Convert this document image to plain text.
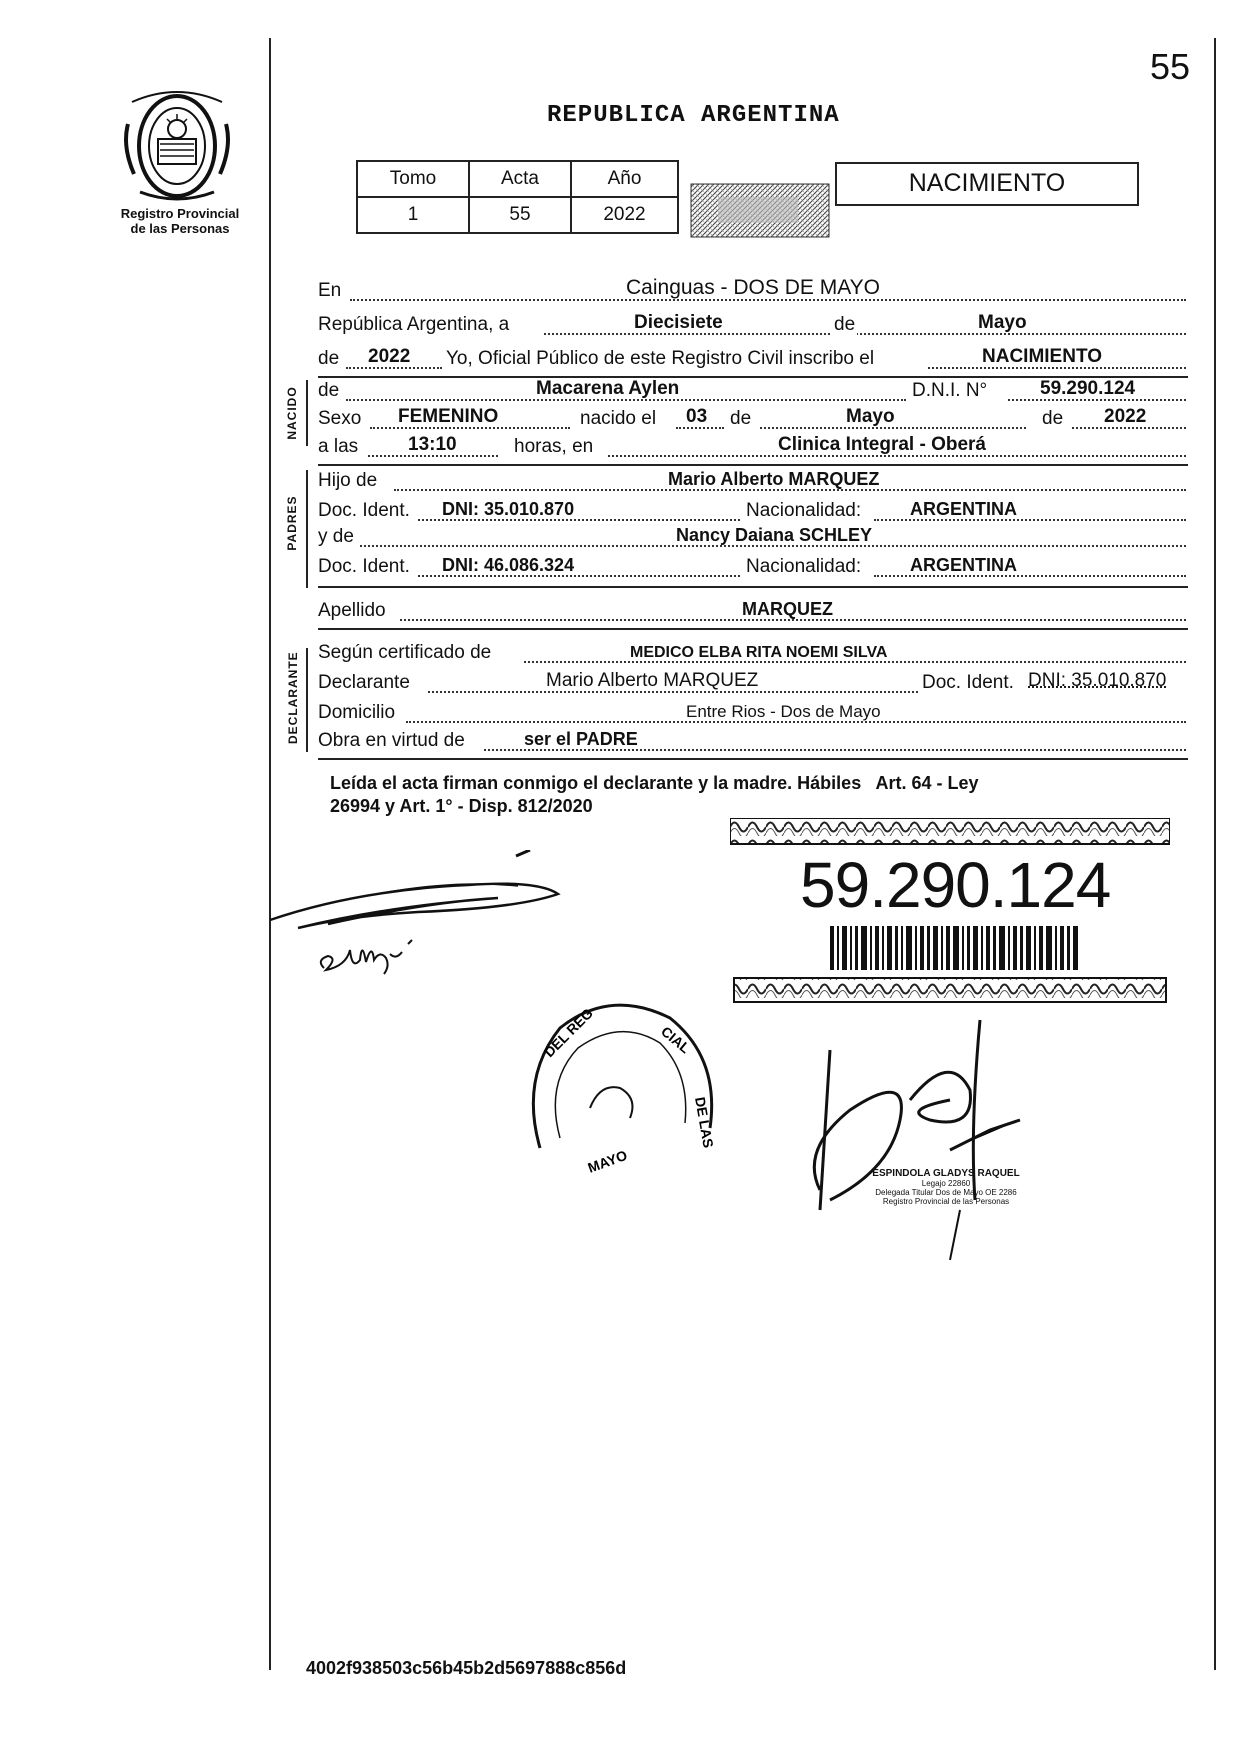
55
Registro Provincial
de las Personas
REPUBLICA ARGENTINA
Tomo	Acta	Año
1	55	2022
NACIMIENTO
En	Cainguas - DOS DE MAYO
República Argentina, a	Diecisiete	de	Mayo
de 2022 Yo, Oficial Público de este Registro Civil inscribo el	NACIMIENTO
NACIDO de	Macarena Aylen	D.N.I. N°	59.290.124
Sexo FEMENINO	nacido el 03 de	Mayo	de 2022
a las	13:10	horas, en	Clinica Integral - Oberá
PADRES
Hijo de	Mario Alberto MARQUEZ
Doc. Ident. DNI: 35.010.870	Nacionalidad:	ARGENTINA
y de	Nancy Daiana SCHLEY
Doc. Ident. DNI: 46.086.324	Nacionalidad:	ARGENTINA
Apellido	MARQUEZ
DECLARANTE Según certificado de	MEDICO ELBA RITA NOEMI SILVA
Declarante	Mario Alberto MARQUEZ	Doc. Ident. DNI: 35.010.870
Domicilio	Entre Rios - Dos de Mayo
Obra en virtud de	ser el PADRE
Leída el acta firman conmigo el declarante y la madre. Hábiles   Art. 64 - Ley
26994 y Art. 1° - Disp. 812/2020
59.290.124
DEL REG	CIAL
DE LAS
MAYO	ESPINDOLA GLADYS RAQUEL
Legajo 22860
Delegada Titular Dos de Mayo OE 2286
Registro Provincial de las Personas
4002f938503c56b45b2d5697888c856d
